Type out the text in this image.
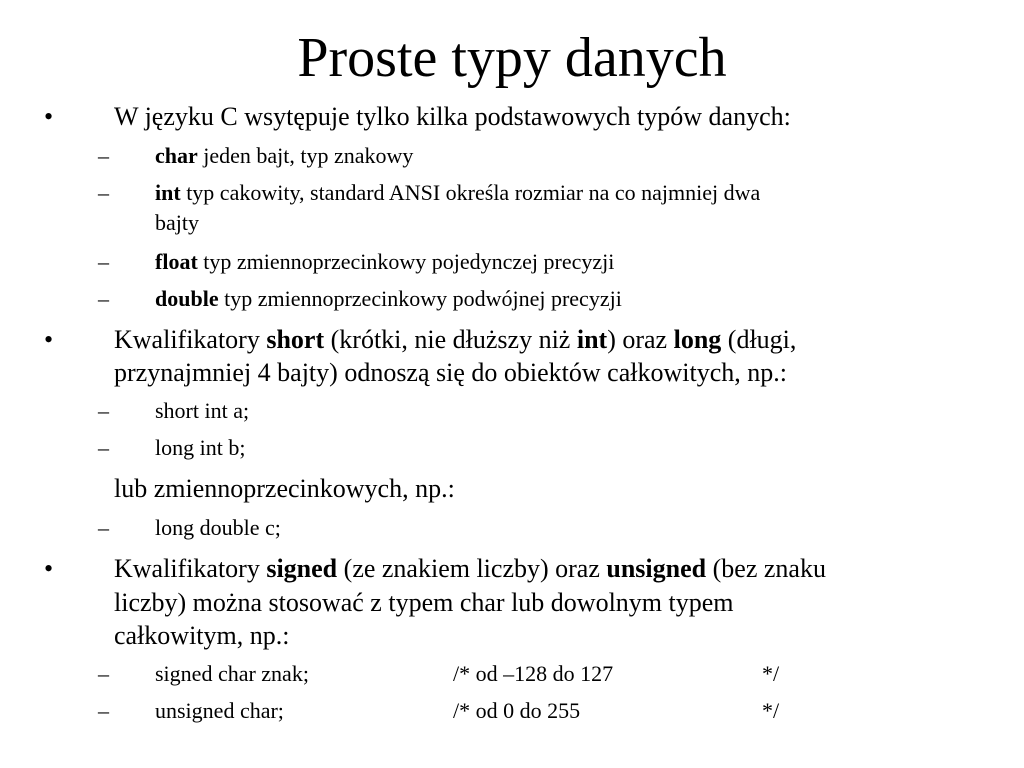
Proste typy danych
• W języku C wsytępuje tylko kilka podstawowych typów danych:
– char jeden bajt, typ znakowy
– int typ cakowity, standard ANSI określa rozmiar na co najmniej dwa
bajty
– float typ zmiennoprzecinkowy pojedynczej precyzji
– double typ zmiennoprzecinkowy podwójnej precyzji
• Kwalifikatory short (krótki, nie dłuższy niż int) oraz long (długi,
przynajmniej 4 bajty) odnoszą się do obiektów całkowitych, np.:
– short int a;
– long int b;
lub zmiennoprzecinkowych, np.:
– long double c;
• Kwalifikatory signed (ze znakiem liczby) oraz unsigned (bez znaku
liczby) można stosować z typem char lub dowolnym typem
całkowitym, np.:
– signed char znak;	/* od –128 do 127	*/
– unsigned char;	/* od 0 do 255	*/
